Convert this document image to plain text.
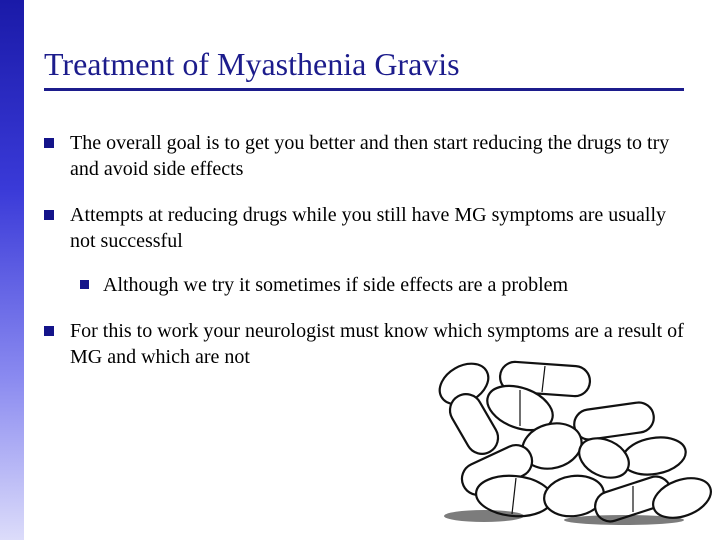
Treatment of Myasthenia Gravis
The overall goal is to get you better and then start reducing the drugs to try and avoid side effects
Attempts at reducing drugs while you still have MG symptoms are usually not successful
Although we try it sometimes if side effects are a problem
For this to work your neurologist must know which symptoms are a result of MG and which are not
